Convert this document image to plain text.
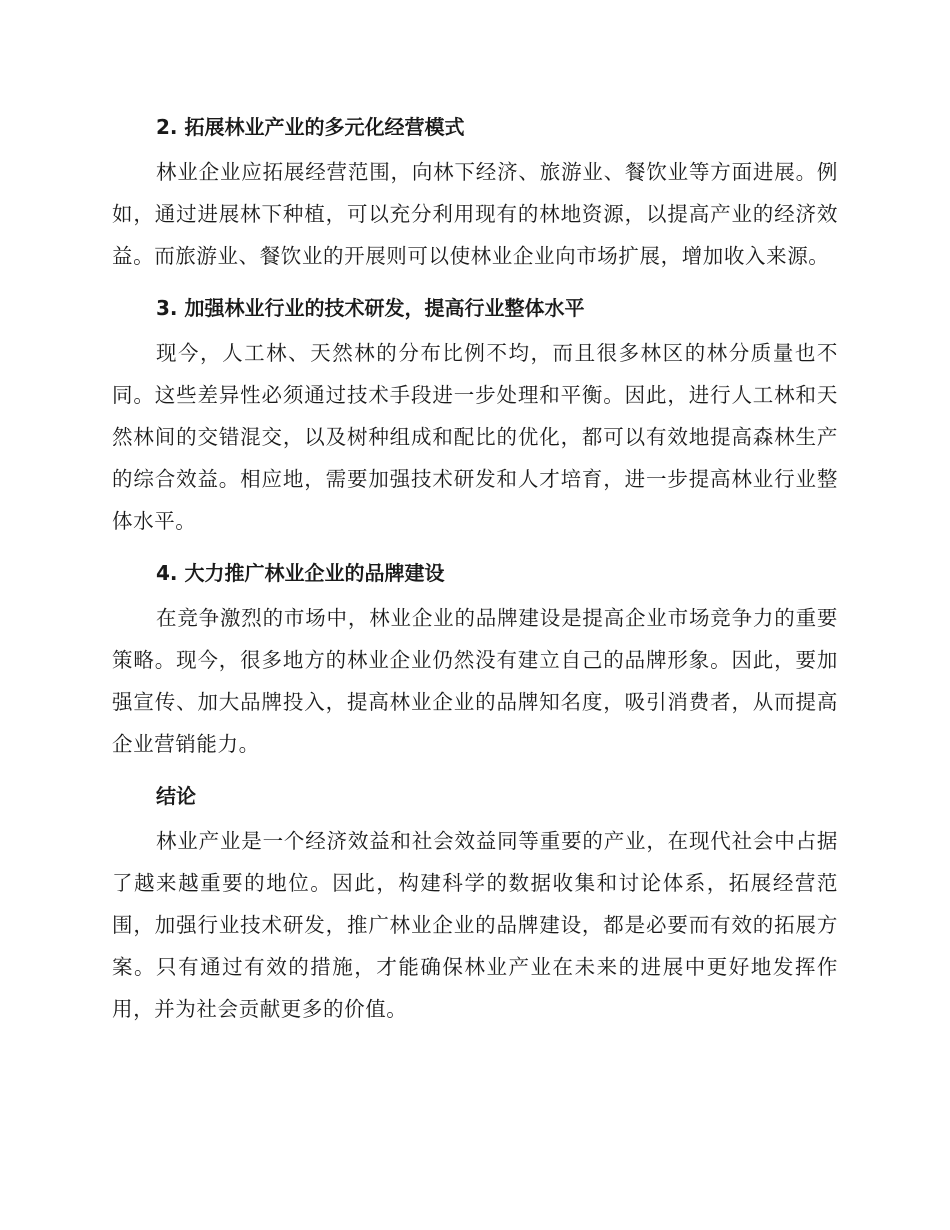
2. 拓展林业产业的多元化经营模式

林业企业应拓展经营范围，向林下经济、旅游业、餐饮业等方面进展。例如，通过进展林下种植，可以充分利用现有的林地资源，以提高产业的经济效益。而旅游业、餐饮业的开展则可以使林业企业向市场扩展，增加收入来源。

3. 加强林业行业的技术研发，提高行业整体水平

现今，人工林、天然林的分布比例不均，而且很多林区的林分质量也不同。这些差异性必须通过技术手段进一步处理和平衡。因此，进行人工林和天然林间的交错混交，以及树种组成和配比的优化，都可以有效地提高森林生产的综合效益。相应地，需要加强技术研发和人才培育，进一步提高林业行业整体水平。

4. 大力推广林业企业的品牌建设

在竞争激烈的市场中，林业企业的品牌建设是提高企业市场竞争力的重要策略。现今，很多地方的林业企业仍然没有建立自己的品牌形象。因此，要加强宣传、加大品牌投入，提高林业企业的品牌知名度，吸引消费者，从而提高企业营销能力。

结论

林业产业是一个经济效益和社会效益同等重要的产业，在现代社会中占据了越来越重要的地位。因此，构建科学的数据收集和讨论体系，拓展经营范围，加强行业技术研发，推广林业企业的品牌建设，都是必要而有效的拓展方案。只有通过有效的措施，才能确保林业产业在未来的进展中更好地发挥作用，并为社会贡献更多的价值。
